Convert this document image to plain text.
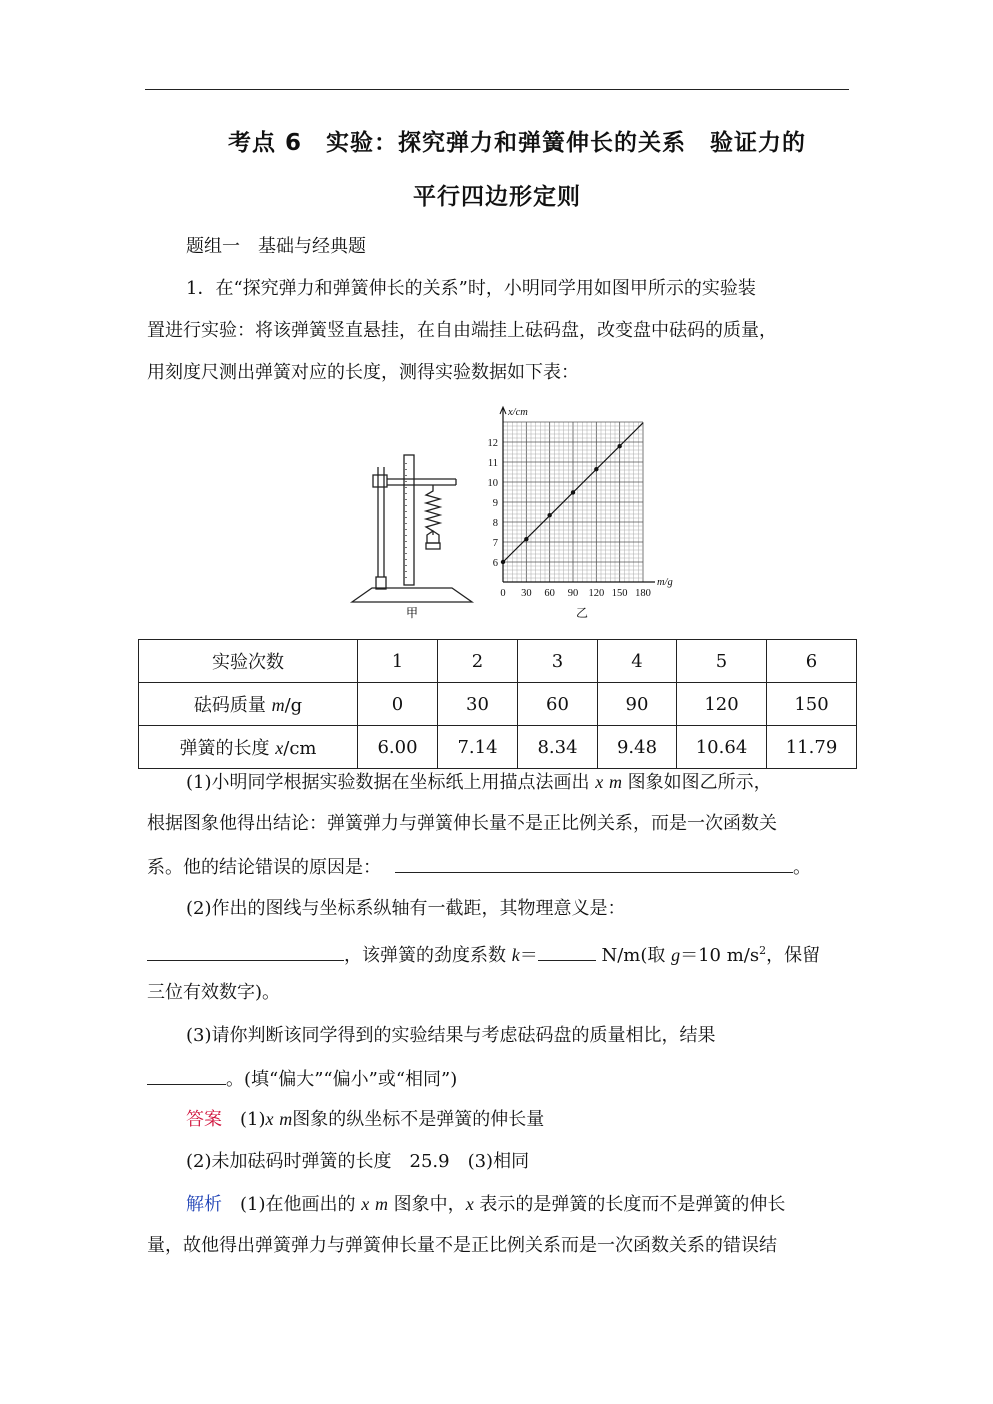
考点 6　实验：探究弹力和弹簧伸长的关系　验证力的
平行四边形定则
题组一　基础与经典题
1．在“探究弹力和弹簧伸长的关系”时，小明同学用如图甲所示的实验装
置进行实验：将该弹簧竖直悬挂，在自由端挂上砝码盘，改变盘中砝码的质量，
用刻度尺测出弹簧对应的长度，测得实验数据如下表：
甲
0 30 60 90 120 150 180
6
7
8
9
10
11
12
m/g
x/cm
乙
实验次数	1	2	3	4	5	6
砝码质量 m/g	0	30	60	90	120	150
弹簧的长度 x/cm	6.00	7.14	8.34	9.48	10.64	11.79
(1)小明同学根据实验数据在坐标纸上用描点法画出 x m 图象如图乙所示，
根据图象他得出结论：弹簧弹力与弹簧伸长量不是正比例关系，而是一次函数关
系。他的结论错误的原因是：	。
(2)作出的图线与坐标系纵轴有一截距，其物理意义是：
，该弹簧的劲度系数 k＝	N/m(取 g＝10 $m/s^2$，保留
三位有效数字)。
(3)请你判断该同学得到的实验结果与考虑砝码盘的质量相比，结果
。(填“偏大”“偏小”或“相同”)
答案　 (1)x m图象的纵坐标不是弹簧的伸长量
(2)未加砝码时弹簧的长度　25.9　(3)相同
解析　 (1)在他画出的 x m 图象中，x 表示的是弹簧的长度而不是弹簧的伸长
量，故他得出弹簧弹力与弹簧伸长量不是正比例关系而是一次函数关系的错误结
